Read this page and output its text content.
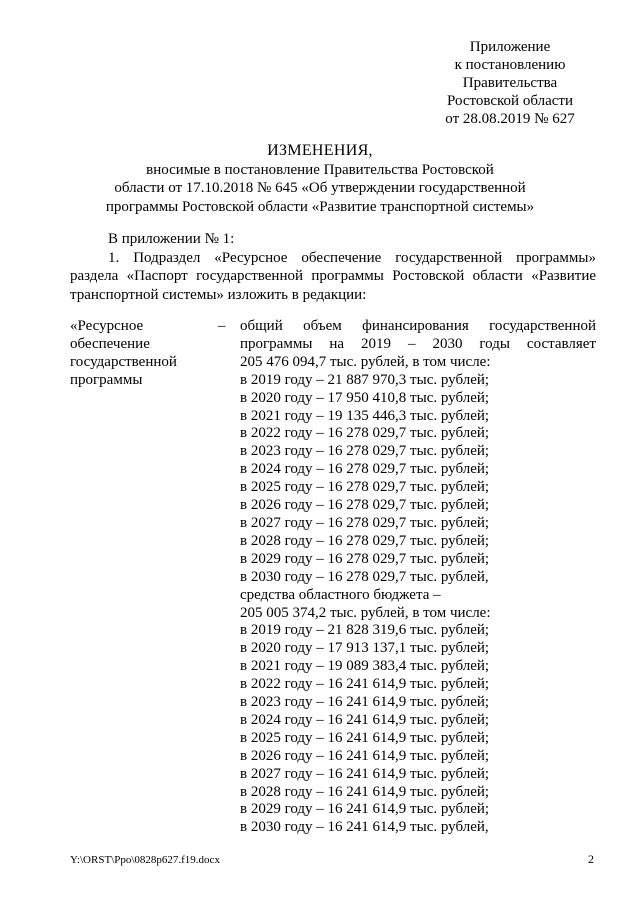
Приложение
к постановлению
Правительства
Ростовской области
от 28.08.2019 № 627
ИЗМЕНЕНИЯ,
вносимые в постановление Правительства Ростовской
области от 17.10.2018 № 645 «Об утверждении государственной
программы Ростовской области «Развитие транспортной системы»
В приложении № 1:
1. Подраздел «Ресурсное обеспечение государственной программы»
раздела «Паспорт государственной программы Ростовской области «Развитие
транспортной системы» изложить в редакции:
«Ресурсное
обеспечение
государственной
программы
– общий объем финансирования государственной
программы на 2019 – 2030 годы составляет
205 476 094,7 тыс. рублей, в том числе:
в 2019 году – 21 887 970,3 тыс. рублей;
в 2020 году – 17 950 410,8 тыс. рублей;
в 2021 году – 19 135 446,3 тыс. рублей;
в 2022 году – 16 278 029,7 тыс. рублей;
в 2023 году – 16 278 029,7 тыс. рублей;
в 2024 году – 16 278 029,7 тыс. рублей;
в 2025 году – 16 278 029,7 тыс. рублей;
в 2026 году – 16 278 029,7 тыс. рублей;
в 2027 году – 16 278 029,7 тыс. рублей;
в 2028 году – 16 278 029,7 тыс. рублей;
в 2029 году – 16 278 029,7 тыс. рублей;
в 2030 году – 16 278 029,7 тыс. рублей,
средства областного бюджета –
205 005 374,2 тыс. рублей, в том числе:
в 2019 году – 21 828 319,6 тыс. рублей;
в 2020 году – 17 913 137,1 тыс. рублей;
в 2021 году – 19 089 383,4 тыс. рублей;
в 2022 году – 16 241 614,9 тыс. рублей;
в 2023 году – 16 241 614,9 тыс. рублей;
в 2024 году – 16 241 614,9 тыс. рублей;
в 2025 году – 16 241 614,9 тыс. рублей;
в 2026 году – 16 241 614,9 тыс. рублей;
в 2027 году – 16 241 614,9 тыс. рублей;
в 2028 году – 16 241 614,9 тыс. рублей;
в 2029 году – 16 241 614,9 тыс. рублей;
в 2030 году – 16 241 614,9 тыс. рублей,
Y:\ORST\Ppo\0828p627.f19.docx	2
